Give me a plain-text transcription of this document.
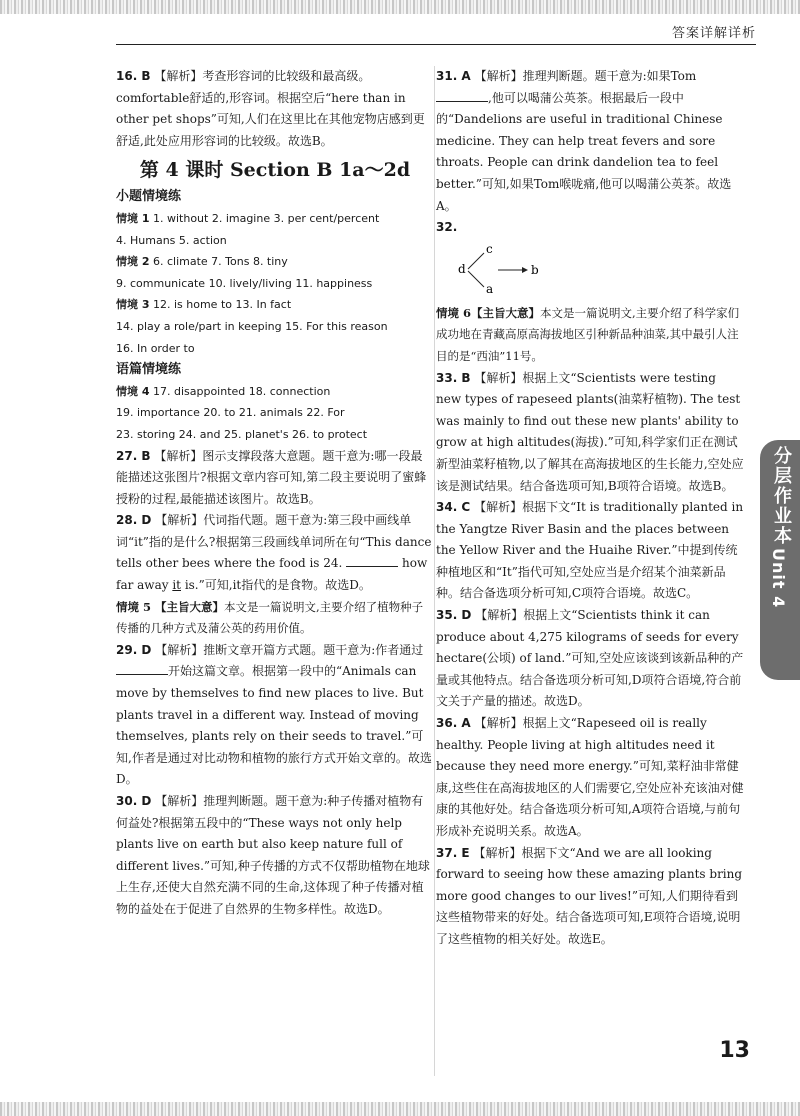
答案详解详析
16. B 【解析】考查形容词的比较级和最高级。comfortable舒适的,形容词。根据空后“here than in other pet shops”可知,人们在这里比在其他宠物店感到更舒适,此处应用形容词的比较级。故选B。
第 4 课时 Section B 1a～2d
小题情境练
情境 1 1. without 2. imagine 3. per cent/percent
4. Humans 5. action
情境 2 6. climate 7. Tons 8. tiny
9. communicate 10. lively/living 11. happiness
情境 3 12. is home to 13. In fact
14. play a role/part in keeping 15. For this reason
16. In order to
语篇情境练
情境 4 17. disappointed 18. connection
19. importance 20. to 21. animals 22. For
23. storing 24. and 25. planet's 26. to protect
27. B 【解析】图示支撑段落大意题。题干意为:哪一段最能描述这张图片?根据文章内容可知,第二段主要说明了蜜蜂授粉的过程,最能描述该图片。故选B。
28. D 【解析】代词指代题。题干意为:第三段中画线单词“it”指的是什么?根据第三段画线单词所在句“This dance tells other bees where the food is 24.	how far away it is.”可知,it指代的是食物。故选D。
情境 5 【主旨大意】本文是一篇说明文,主要介绍了植物种子传播的几种方式及蒲公英的药用价值。
29. D 【解析】推断文章开篇方式题。题干意为:作者通过开始这篇文章。根据第一段中的“Animals can move by themselves to find new places to live. But plants travel in a different way. Instead of moving themselves, plants rely on their seeds to travel.”可知,作者是通过对比动物和植物的旅行方式开始文章的。故选D。
30. D 【解析】推理判断题。题干意为:种子传播对植物有何益处?根据第五段中的“These ways not only help plants live on earth but also keep nature full of different lives.”可知,种子传播的方式不仅帮助植物在地球上生存,还使大自然充满不同的生命,这体现了种子传播对植物的益处在于促进了自然界的生物多样性。故选D。
31. A 【解析】推理判断题。题干意为:如果Tom,他可以喝蒲公英茶。根据最后一段中的“Dandelions are useful in traditional Chinese medicine. They can help treat fevers and sore throats. People can drink dandelion tea to feel better.”可知,如果Tom喉咙痛,他可以喝蒲公英茶。故选A。
32.
d
c
a
b
情境 6【主旨大意】本文是一篇说明文,主要介绍了科学家们成功地在青藏高原高海拔地区引种新品种油菜,其中最引人注目的是“西油”11号。
33. B 【解析】根据上文“Scientists were testing new types of rapeseed plants(油菜籽植物). The test was mainly to find out these new plants' ability to grow at high altitudes(海拔).”可知,科学家们正在测试新型油菜籽植物,以了解其在高海拔地区的生长能力,空处应该是测试结果。结合备选项可知,B项符合语境。故选B。
34. C 【解析】根据下文“It is traditionally planted in the Yangtze River Basin and the places between the Yellow River and the Huaihe River.”中提到传统种植地区和“It”指代可知,空处应当是介绍某个油菜新品种。结合备选项分析可知,C项符合语境。故选C。
35. D 【解析】根据上文“Scientists think it can produce about 4,275 kilograms of seeds for every hectare(公顷) of land.”可知,空处应该谈到该新品种的产量或其他特点。结合备选项分析可知,D项符合语境,符合前文关于产量的描述。故选D。
36. A 【解析】根据上文“Rapeseed oil is really healthy. People living at high altitudes need it because they need more energy.”可知,菜籽油非常健康,这些住在高海拔地区的人们需要它,空处应补充该油对健康的其他好处。结合备选项分析可知,A项符合语境,与前句形成补充说明关系。故选A。
37. E 【解析】根据下文“And we are all looking forward to seeing how these amazing plants bring more good changes to our lives!”可知,人们期待看到这些植物带来的好处。结合备选项可知,E项符合语境,说明了这些植物的相关好处。故选E。
分层作业本
Unit 4
13
